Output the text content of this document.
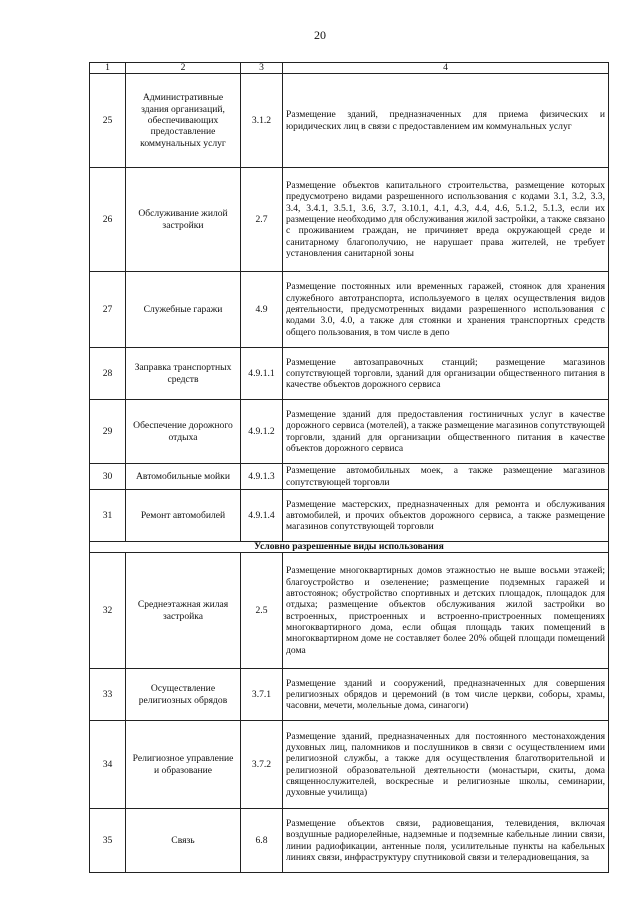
20
1	2	3	4
25	Административные здания организаций, обеспечивающих предоставление коммунальных услуг	3.1.2	Размещение зданий, предназначенных для приема физических и юридических лиц в связи с предоставлением им коммунальных услуг
26	Обслуживание жилой застройки	2.7	Размещение объектов капитального строительства, размещение которых предусмотрено видами разрешенного использования с кодами 3.1, 3.2, 3.3, 3.4, 3.4.1, 3.5.1, 3.6, 3.7, 3.10.1, 4.1, 4.3, 4.4, 4.6, 5.1.2, 5.1.3, если их размещение необходимо для обслуживания жилой застройки, а также связано с проживанием граждан, не причиняет вреда окружающей среде и санитарному благополучию, не нарушает права жителей, не требует установления санитарной зоны
27	Служебные гаражи	4.9	Размещение постоянных или временных гаражей, стоянок для хранения служебного автотранспорта, используемого в целях осуществления видов деятельности, предусмотренных видами разрешенного использования с кодами 3.0, 4.0, а также для стоянки и хранения транспортных средств общего пользования, в том числе в депо
28	Заправка транспортных средств	4.9.1.1	Размещение автозаправочных станций; размещение магазинов сопутствующей торговли, зданий для организации общественного питания в качестве объектов дорожного сервиса
29	Обеспечение дорожного отдыха	4.9.1.2	Размещение зданий для предоставления гостиничных услуг в качестве дорожного сервиса (мотелей), а также размещение магазинов сопутствующей торговли, зданий для организации общественного питания в качестве объектов дорожного сервиса
30	Автомобильные мойки	4.9.1.3	Размещение автомобильных моек, а также размещение магазинов сопутствующей торговли
31	Ремонт автомобилей	4.9.1.4	Размещение мастерских, предназначенных для ремонта и обслуживания автомобилей, и прочих объектов дорожного сервиса, а также размещение магазинов сопутствующей торговли
Условно разрешенные виды использования			
32	Среднеэтажная жилая застройка	2.5	Размещение многоквартирных домов этажностью не выше восьми этажей; благоустройство и озеленение; размещение подземных гаражей и автостоянок; обустройство спортивных и детских площадок, площадок для отдыха; размещение объектов обслуживания жилой застройки во встроенных, пристроенных и встроенно-пристроенных помещениях многоквартирного дома, если общая площадь таких помещений в многоквартирном доме не составляет более 20% общей площади помещений дома
33	Осуществление религиозных обрядов	3.7.1	Размещение зданий и сооружений, предназначенных для совершения религиозных обрядов и церемоний (в том числе церкви, соборы, храмы, часовни, мечети, молельные дома, синагоги)
34	Религиозное управление и образование	3.7.2	Размещение зданий, предназначенных для постоянного местонахождения духовных лиц, паломников и послушников в связи с осуществлением ими религиозной службы, а также для осуществления благотворительной и религиозной образовательной деятельности (монастыри, скиты, дома священнослужителей, воскресные и религиозные школы, семинарии, духовные училища)
35	Связь	6.8	Размещение объектов связи, радиовещания, телевидения, включая воздушные радиорелейные, надземные и подземные кабельные линии связи, линии радиофикации, антенные поля, усилительные пункты на кабельных линиях связи, инфраструктуру спутниковой связи и телерадиовещания, за
